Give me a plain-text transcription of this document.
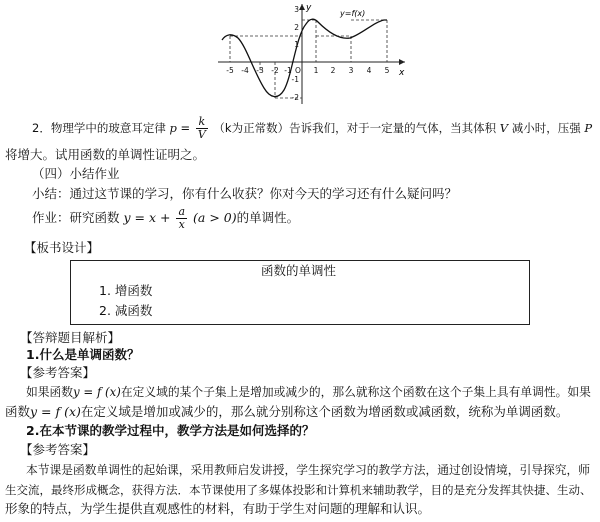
y
x
y=f(x)
-5 -4 -3 -2 -1 O 1 2 3 4 5
3
2
1
-1
-2
2．物理学中的玻意耳定律 $p = \frac{k}{V} (k$为正常数）告诉我们，对于一定量的气体，当其体积 V 减小时，压强 P
将增大。试用函数的单调性证明之。
（四）小结作业
小结：通过这节课的学习，你有什么收获？你对今天的学习还有什么疑问吗？
作业：研究函数 $y = x + \frac{a}{x} (a > 0)$的单调性。
【板书设计】
函数的单调性
1. 增函数
2. 减函数
【答辩题目解析】
1.什么是单调函数？
【参考答案】
如果函数y = f (x)在定义域的某个子集上是增加或减少的，那么就称这个函数在这个子集上具有单调性。如果
函数y = f (x)在定义域是增加或减少的，那么就分别称这个函数为增函数或减函数，统称为单调函数。
2.在本节课的教学过程中，教学方法是如何选择的？
【参考答案】
本节课是函数单调性的起始课，采用教师启发讲授，学生探究学习的教学方法，通过创设情境，引导探究，师
生交流，最终形成概念，获得方法．本节课使用了多媒体投影和计算机来辅助教学，目的是充分发挥其快捷、生动、
形象的特点，为学生提供直观感性的材料，有助于学生对问题的理解和认识。
